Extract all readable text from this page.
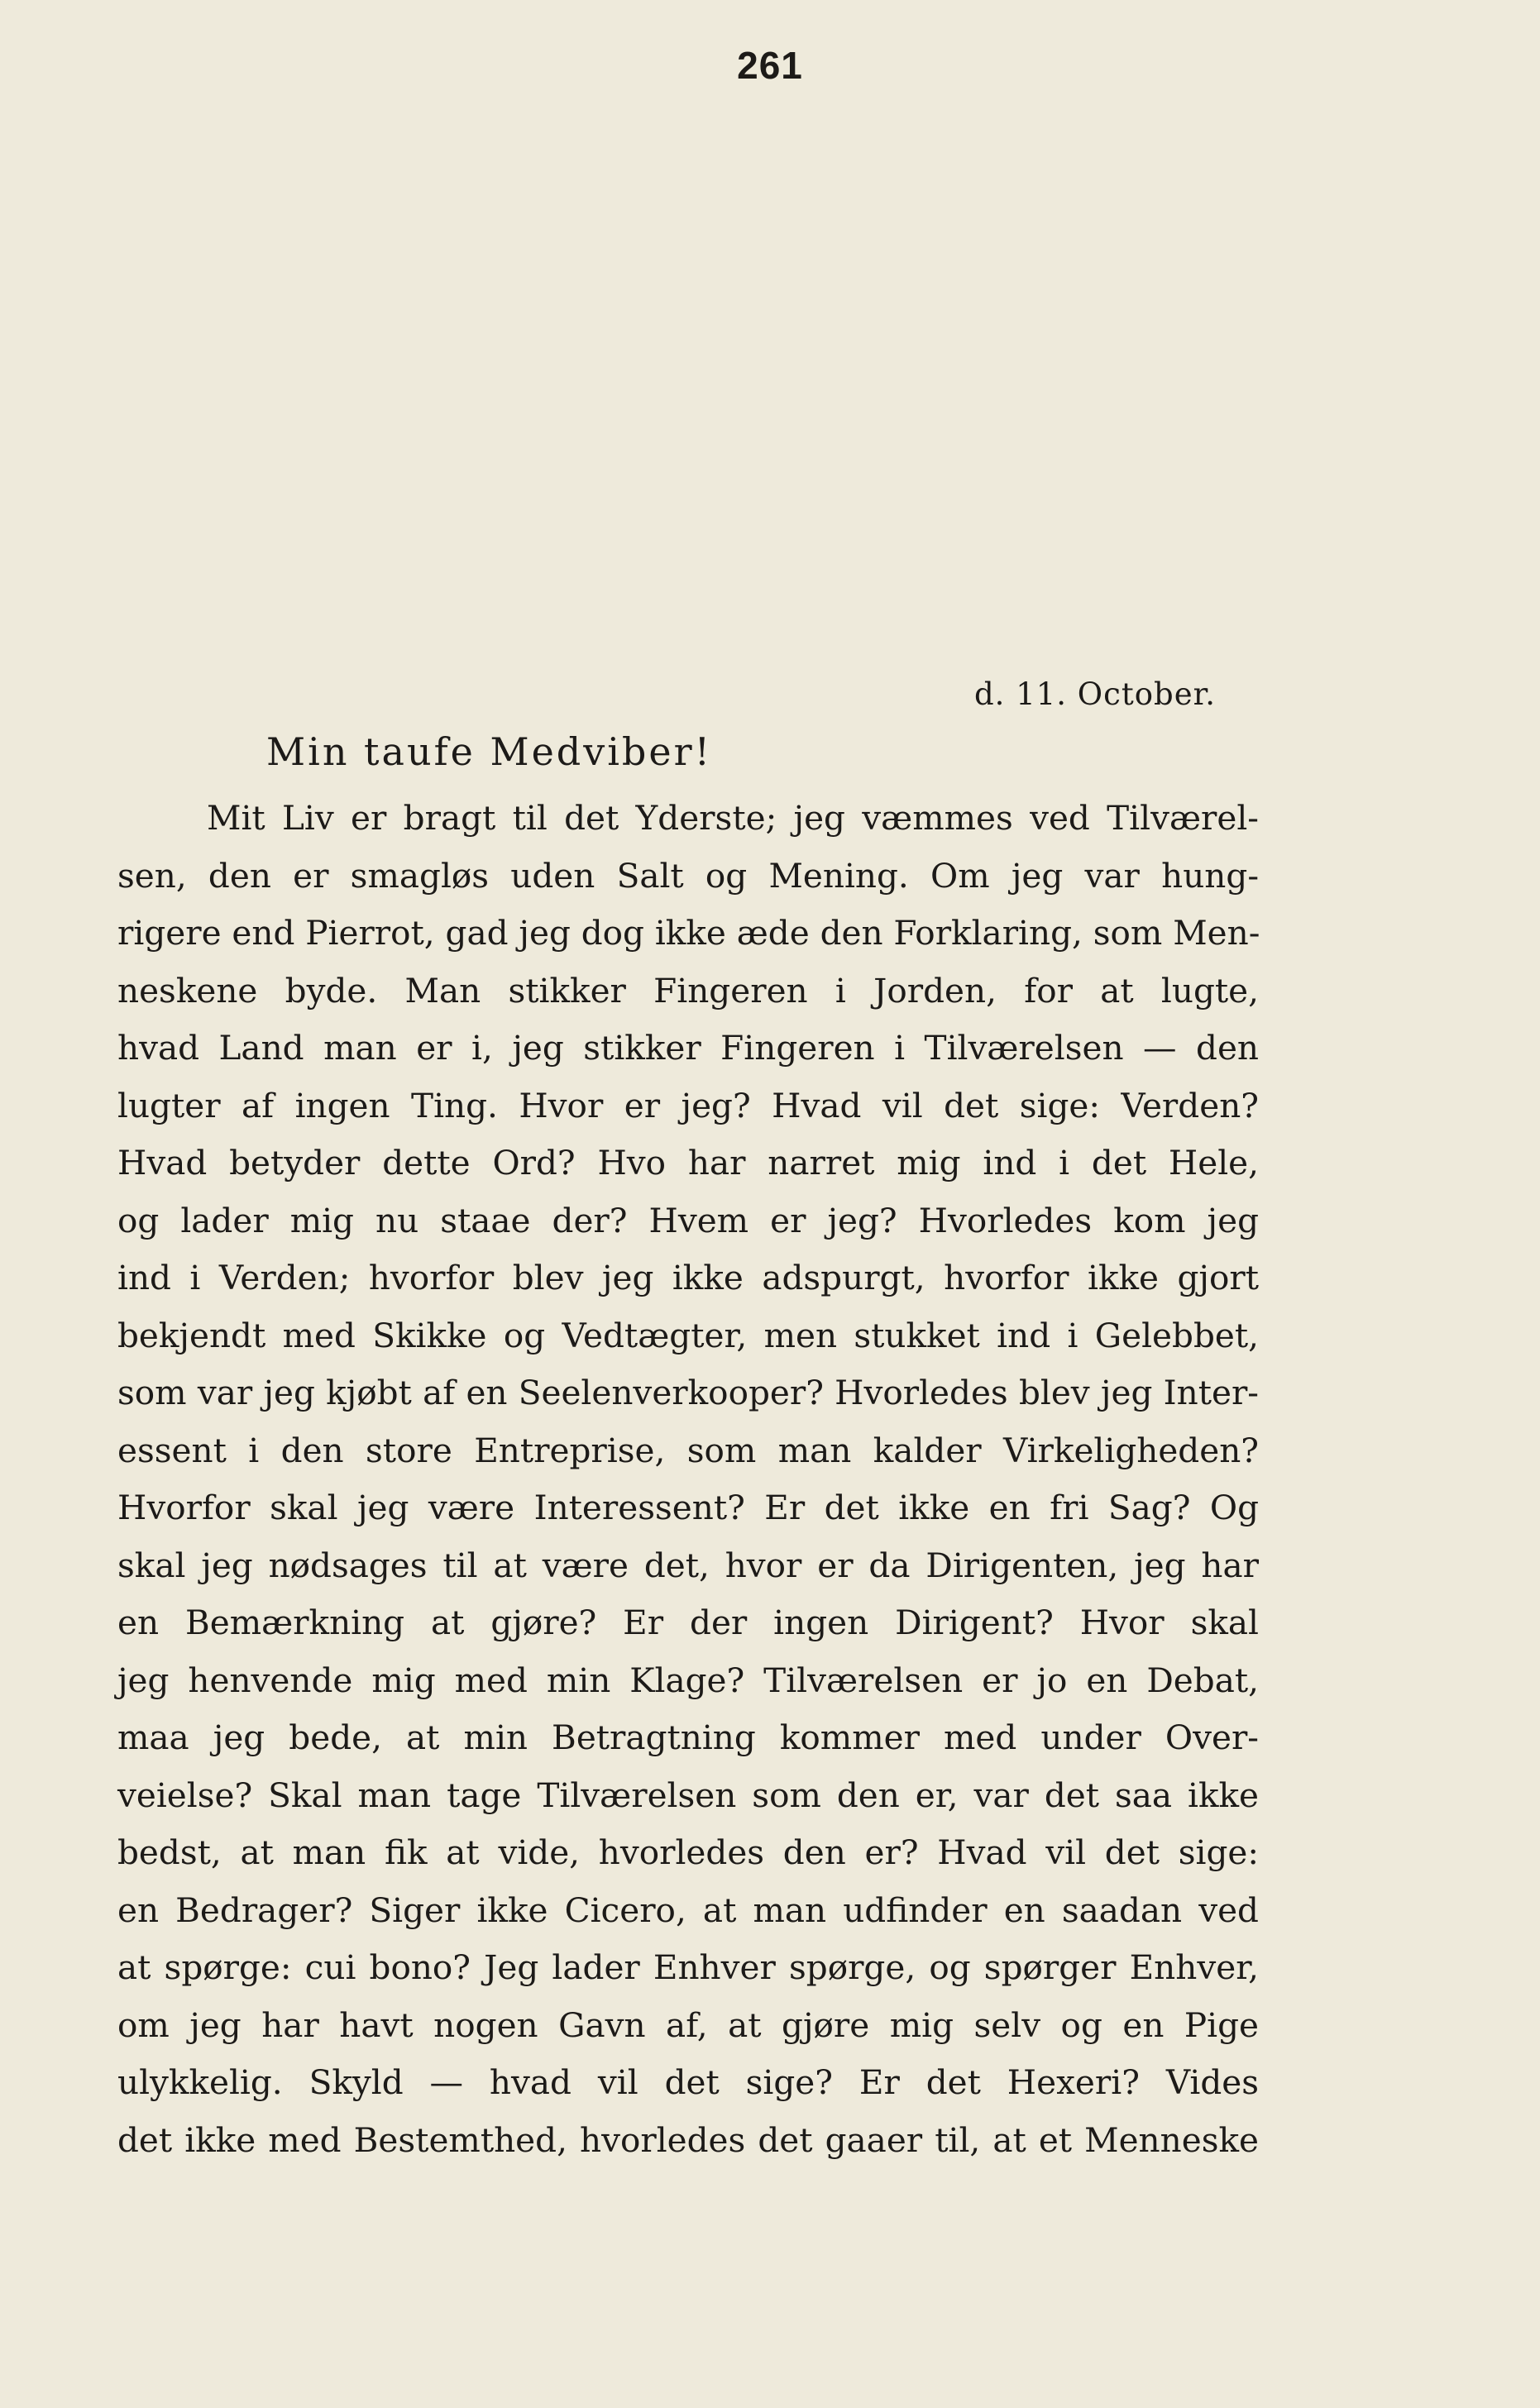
261
d. 11. October.
Min taufe Medviber!
Mit Liv er bragt til det Yderste; jeg væmmes ved Tilværel-
sen, den er smagløs uden Salt og Mening. Om jeg var hung-
rigere end Pierrot, gad jeg dog ikke æde den Forklaring, som Men-
neskene byde. Man stikker Fingeren i Jorden, for at lugte,
hvad Land man er i, jeg stikker Fingeren i Tilværelsen — den
lugter af ingen Ting. Hvor er jeg? Hvad vil det sige: Verden?
Hvad betyder dette Ord? Hvo har narret mig ind i det Hele,
og lader mig nu staae der? Hvem er jeg? Hvorledes kom jeg
ind i Verden; hvorfor blev jeg ikke adspurgt, hvorfor ikke gjort
bekjendt med Skikke og Vedtægter, men stukket ind i Gelebbet,
som var jeg kjøbt af en Seelenverkooper? Hvorledes blev jeg Inter-
essent i den store Entreprise, som man kalder Virkeligheden?
Hvorfor skal jeg være Interessent? Er det ikke en fri Sag? Og
skal jeg nødsages til at være det, hvor er da Dirigenten, jeg har
en Bemærkning at gjøre? Er der ingen Dirigent? Hvor skal
jeg henvende mig med min Klage? Tilværelsen er jo en Debat,
maa jeg bede, at min Betragtning kommer med under Over-
veielse? Skal man tage Tilværelsen som den er, var det saa ikke
bedst, at man fik at vide, hvorledes den er? Hvad vil det sige:
en Bedrager? Siger ikke Cicero, at man udfinder en saadan ved
at spørge: cui bono? Jeg lader Enhver spørge, og spørger Enhver,
om jeg har havt nogen Gavn af, at gjøre mig selv og en Pige
ulykkelig. Skyld — hvad vil det sige? Er det Hexeri? Vides
det ikke med Bestemthed, hvorledes det gaaer til, at et Menneske
